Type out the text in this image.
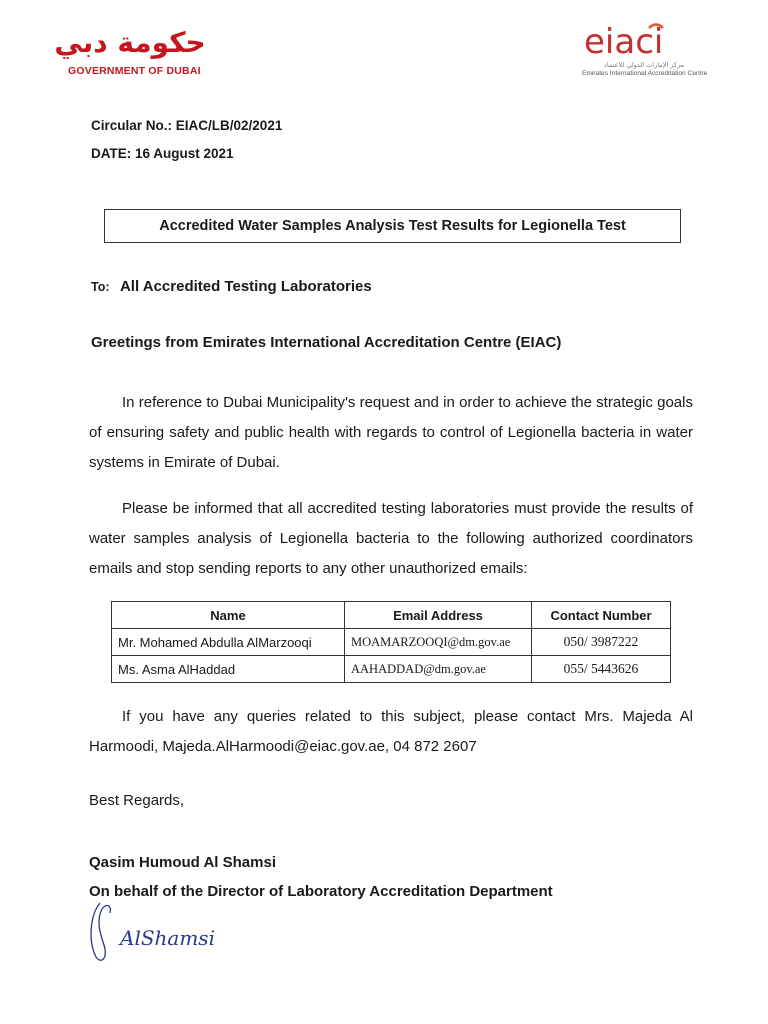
حكومة دبي
GOVERNMENT OF DUBAI
eiaci
مركز الإمارات الدولي للاعتماد
Emirates International Accreditation Centre
Circular No.: EIAC/LB/02/2021
DATE: 16 August 2021
Accredited Water Samples Analysis Test Results for Legionella Test
To: All Accredited Testing Laboratories
Greetings from Emirates International Accreditation Centre (EIAC)

In reference to Dubai Municipality's request and in order to achieve the strategic goals of ensuring safety and public health with regards to control of Legionella bacteria in water systems in Emirate of Dubai.

Please be informed that all accredited testing laboratories must provide the results of water samples analysis of Legionella bacteria to the following authorized coordinators emails and stop sending reports to any other unauthorized emails:

Name	Email Address	Contact Number
Mr. Mohamed Abdulla AlMarzooqi	MOAMARZOOQI@dm.gov.ae	050/ 3987222
Ms. Asma AlHaddad	AAHADDAD@dm.gov.ae	055/ 5443626

If you have any queries related to this subject, please contact Mrs. Majeda Al Harmoodi, Majeda.AlHarmoodi@eiac.gov.ae, 04 872 2607

Best Regards,
Qasim Humoud Al Shamsi
On behalf of the Director of Laboratory Accreditation Department
AlShamsi
